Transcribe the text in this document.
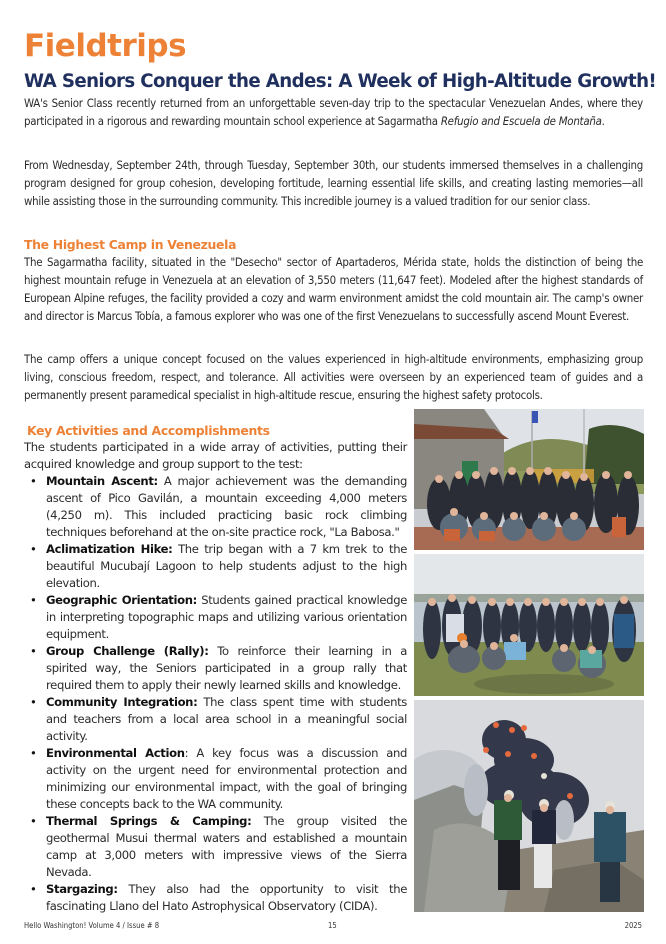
Fieldtrips
WA Seniors Conquer the Andes: A Week of High-Altitude Growth!

WA's Senior Class recently returned from an unforgettable seven-day trip to the spectacular Venezuelan Andes, where they participated in a rigorous and rewarding mountain school experience at Sagarmatha Refugio and Escuela de Montaña.

From Wednesday, September 24th, through Tuesday, September 30th, our students immersed themselves in a challenging program designed for group cohesion, developing fortitude, learning essential life skills, and creating lasting memories—all while assisting those in the surrounding community. This incredible journey is a valued tradition for our senior class.

The Highest Camp in Venezuela

The Sagarmatha facility, situated in the "Desecho" sector of Apartaderos, Mérida state, holds the distinction of being the highest mountain refuge in Venezuela at an elevation of 3,550 meters (11,647 feet). Modeled after the highest standards of European Alpine refuges, the facility provided a cozy and warm environment amidst the cold mountain air. The camp's owner and director is Marcus Tobía, a famous explorer who was one of the first Venezuelans to successfully ascend Mount Everest.

The camp offers a unique concept focused on the values experienced in high-altitude environments, emphasizing group living, conscious freedom, respect, and tolerance. All activities were overseen by an experienced team of guides and a permanently present paramedical specialist in high-altitude rescue, ensuring the highest safety protocols.

Key Activities and Accomplishments

The students participated in a wide array of activities, putting their acquired knowledge and group support to the test:

• Mountain Ascent: A major achievement was the demanding ascent of Pico Gavilán, a mountain exceeding 4,000 meters (4,250 m). This included practicing basic rock climbing techniques beforehand at the on-site practice rock, "La Babosa."
• Aclimatization Hike: The trip began with a 7 km trek to the beautiful Mucubají Lagoon to help students adjust to the high elevation.
• Geographic Orientation: Students gained practical knowledge in interpreting topographic maps and utilizing various orientation equipment.
• Group Challenge (Rally): To reinforce their learning in a spirited way, the Seniors participated in a group rally that required them to apply their newly learned skills and knowledge.
• Community Integration: The class spent time with students and teachers from a local area school in a meaningful social activity.
• Environmental Action: A key focus was a discussion and activity on the urgent need for environmental protection and minimizing our environmental impact, with the goal of bringing these concepts back to the WA community.
• Thermal Springs & Camping: The group visited the geothermal Musui thermal waters and established a mountain camp at 3,000 meters with impressive views of the Sierra Nevada.
• Stargazing: They also had the opportunity to visit the fascinating Llano del Hato Astrophysical Observatory (CIDA).
Hello Washington! Volume 4 / Issue # 8	15	2025
